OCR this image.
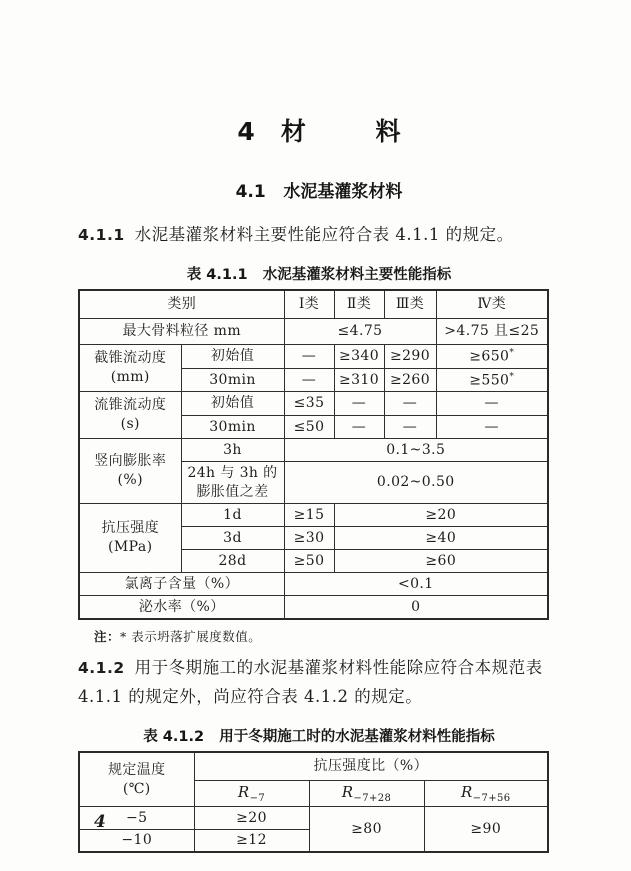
4   材        料
4.1   水泥基灌浆材料

4.1.1 水泥基灌浆材料主要性能应符合表 4.1.1 的规定。

表 4.1.1   水泥基灌浆材料主要性能指标
类别		Ⅰ类	Ⅱ类	Ⅲ类	Ⅳ类
最大骨料粒径 mm		≤4.75			>4.75 且≤25
截锥流动度
(mm)	初始值	—	≥340	≥290	≥650*
	30min	—	≥310	≥260	≥550*
流锥流动度
(s)	初始值	≤35	—	—	—
	30min	≤50	—	—	—
竖向膨胀率
(%)	3h	0.1~3.5			
	24h 与 3h 的膨胀值之差	0.02~0.50			
抗压强度
(MPa)	1d	≥15	≥20		
	3d	≥30	≥40		
	28d	≥50	≥60		
氯离子含量（%）		<0.1			
泌水率（%）		0			

注：* 表示坍落扩展度数值。

4.1.2 用于冬期施工的水泥基灌浆材料性能除应符合本规范表
4.1.1 的规定外，尚应符合表 4.1.2 的规定。

表 4.1.2   用于冬期施工时的水泥基灌浆材料性能指标
规定温度
(℃)	抗压强度比（%）		
	$R_{-7}$	$R_{-7+28}$	$R_{-7+56}$
−5	≥20	≥80	≥90
−10	≥12		
4
